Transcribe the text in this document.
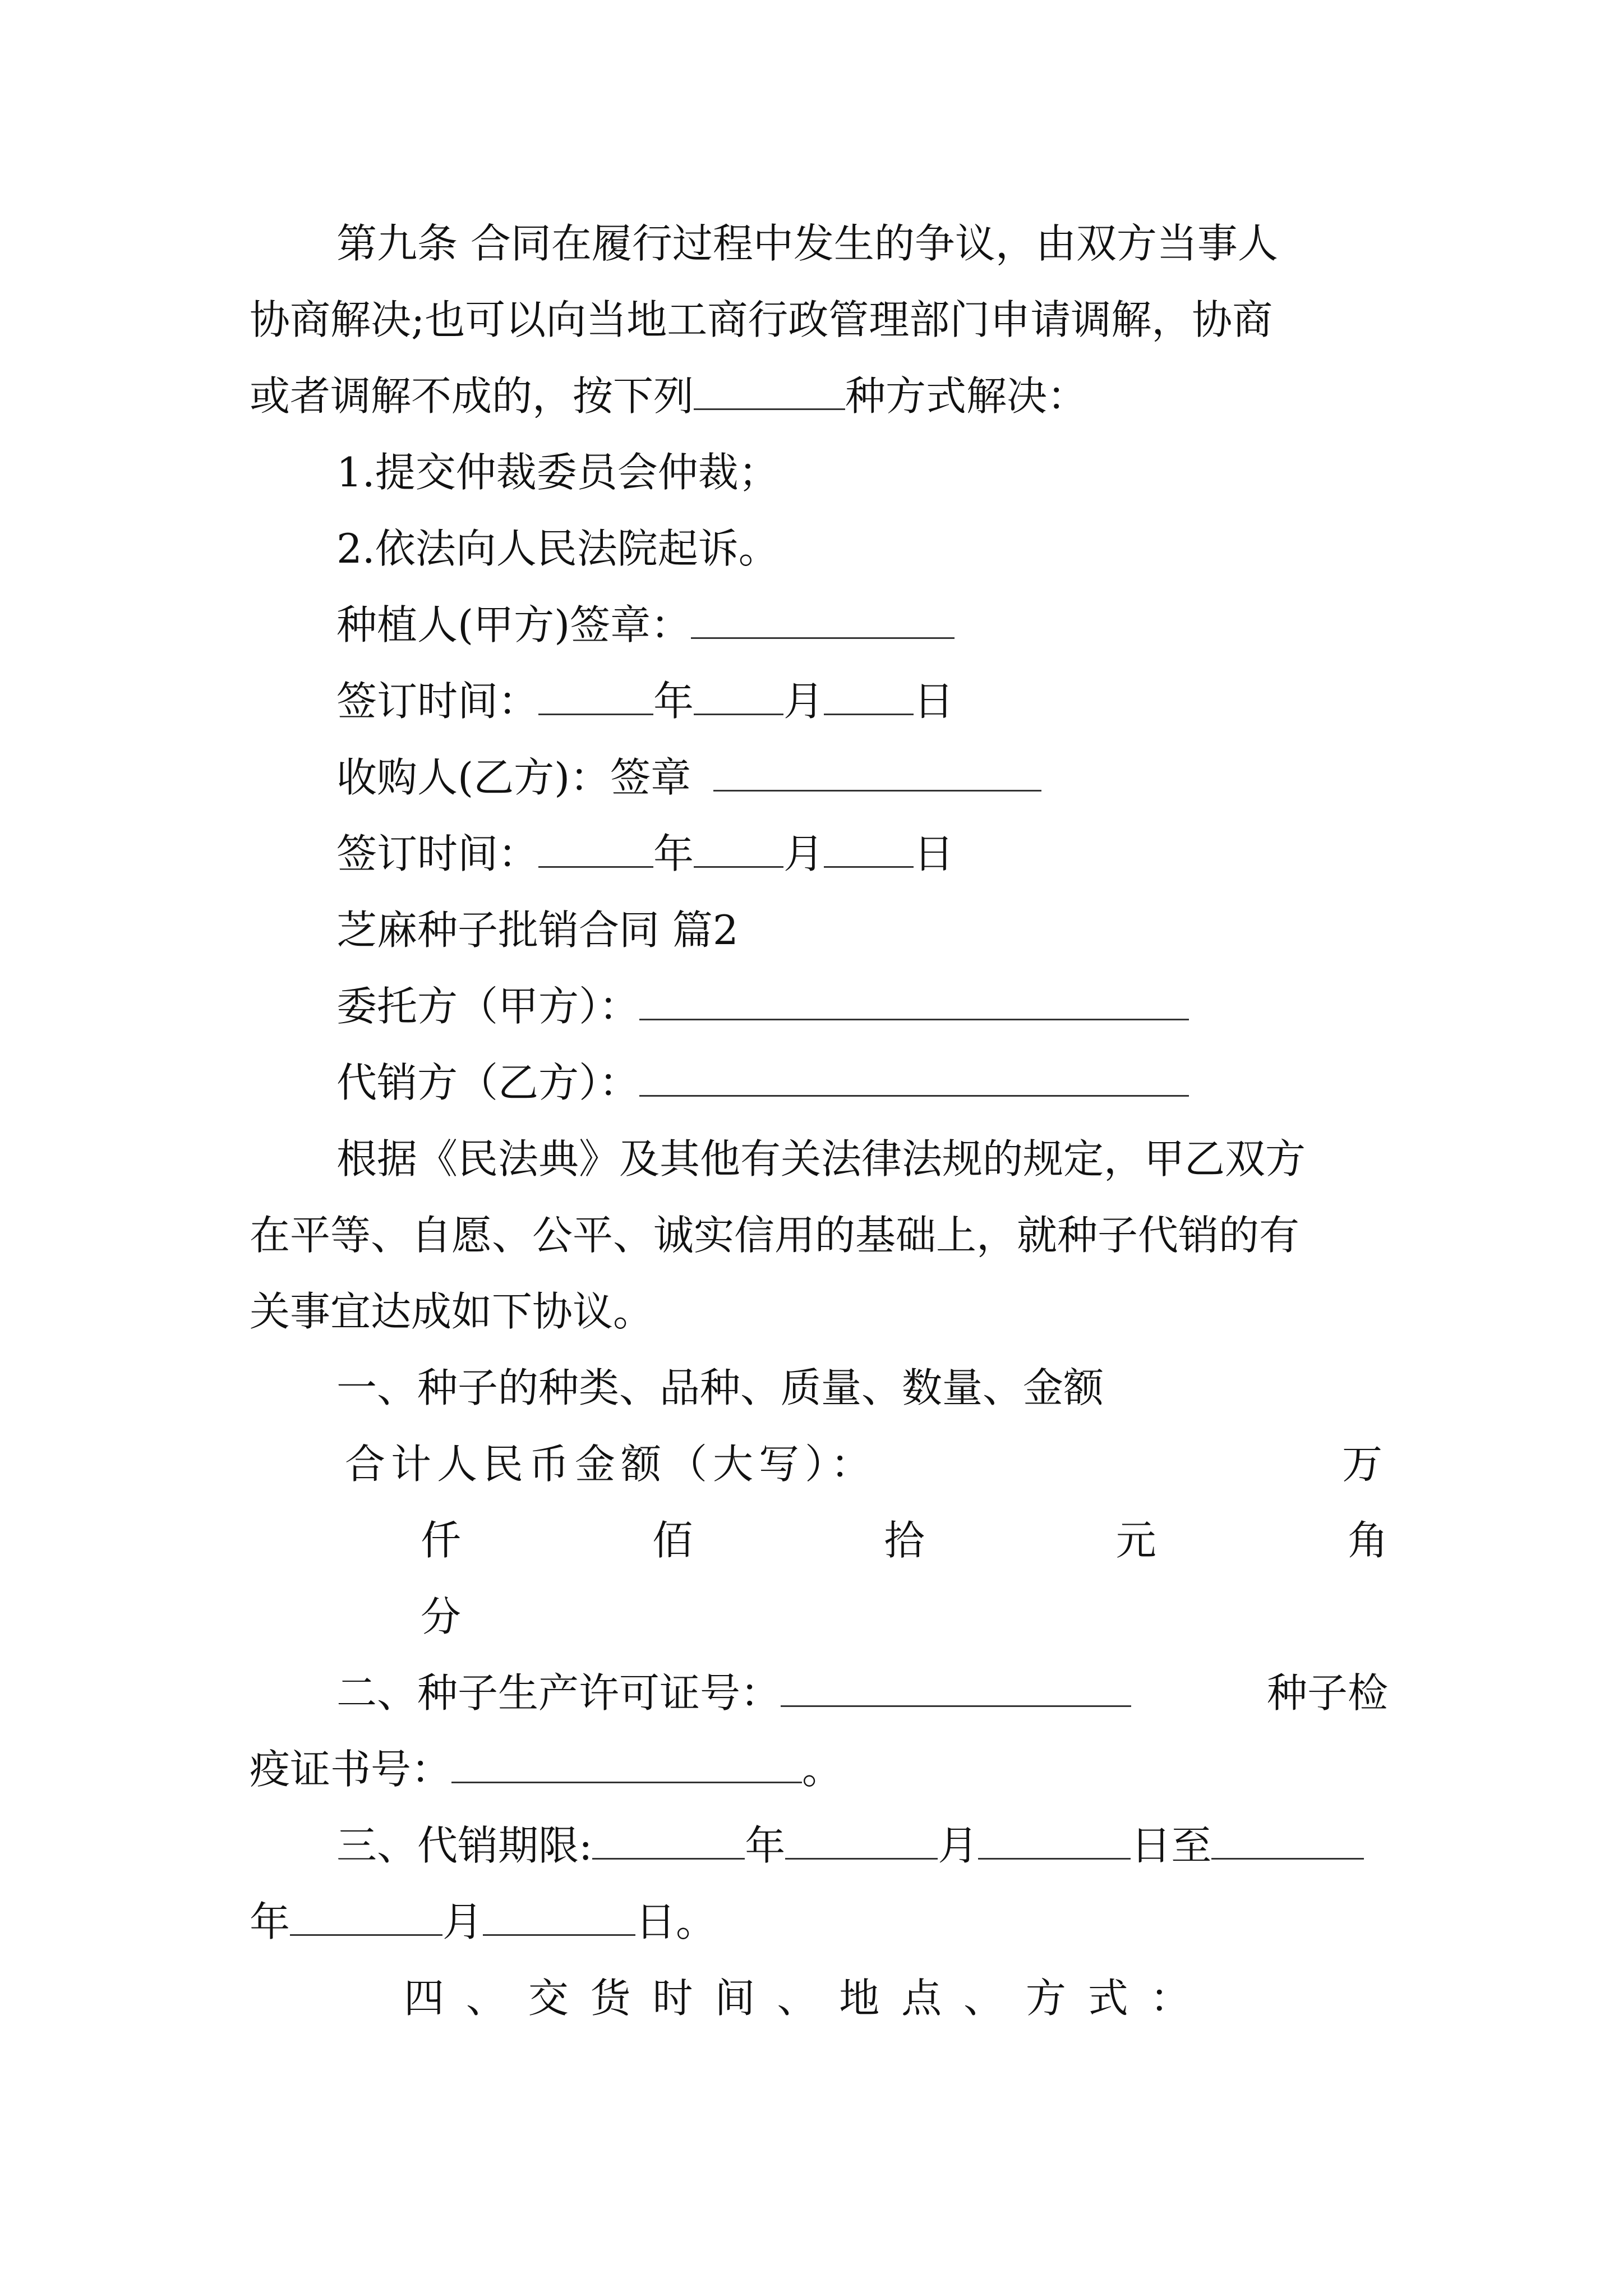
第九条 合同在履行过程中发生的争议，由双方当事人
协商解决;也可以向当地工商行政管理部门申请调解，协商
或者调解不成的，按下列	种方式解决：
1.提交仲裁委员会仲裁；
2.依法向人民法院起诉。
种植人(甲方)签章：
签订时间：	年 月 日
收购人(乙方)：签章
签订时间：	年 月 日
芝麻种子批销合同 篇2
委托方（甲方）：
代销方（乙方）：
根据《民法典》及其他有关法律法规的规定，甲乙双方
在平等、自愿、公平、诚实信用的基础上，就种子代销的有
关事宜达成如下协议。
一、种子的种类、品种、质量、数量、金额
合计人民币金额（大写）：	万
仟	佰	拾	元	角
分
二、种子生产许可证号：	种子检
疫证书号：	。
三、代销期限:	年	月	日至
年	月	日。
四 、 交 货 时 间 、 地 点 、 方 式 ：
